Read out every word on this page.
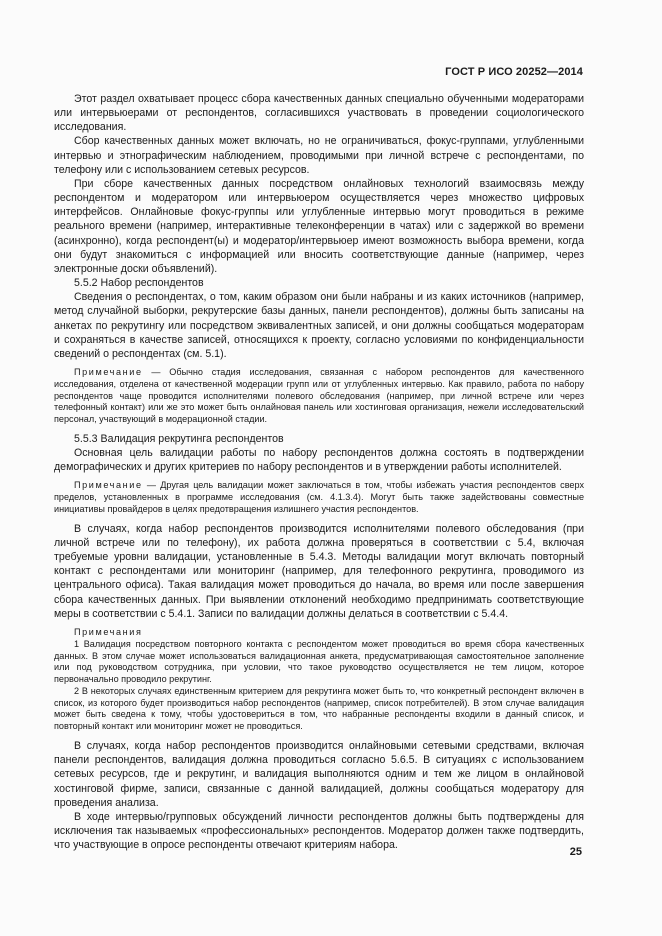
ГОСТ Р ИСО 20252—2014

Этот раздел охватывает процесс сбора качественных данных специально обученными модераторами или интервьюерами от респондентов, согласившихся участвовать в проведении социологического исследования.

Сбор качественных данных может включать, но не ограничиваться, фокус-группами, углубленными интервью и этнографическим наблюдением, проводимыми при личной встрече с респондентами, по телефону или с использованием сетевых ресурсов.

При сборе качественных данных посредством онлайновых технологий взаимосвязь между респондентом и модератором или интервьюером осуществляется через множество цифровых интерфейсов. Онлайновые фокус-группы или углубленные интервью могут проводиться в режиме реального времени (например, интерактивные телеконференции в чатах) или с задержкой во времени (асинхронно), когда респондент(ы) и модератор/интервьюер имеют возможность выбора времени, когда они будут знакомиться с информацией или вносить соответствующие данные (например, через электронные доски объявлений).

5.5.2 Набор респондентов

Сведения о респондентах, о том, каким образом они были набраны и из каких источников (например, метод случайной выборки, рекрутерские базы данных, панели респондентов), должны быть записаны на анкетах по рекрутингу или посредством эквивалентных записей, и они должны сообщаться модераторам и сохраняться в качестве записей, относящихся к проекту, согласно условиями по конфиденциальности сведений о респондентах (см. 5.1).

Примечание — Обычно стадия исследования, связанная с набором респондентов для качественного исследования, отделена от качественной модерации групп или от углубленных интервью. Как правило, работа по набору респондентов чаще проводится исполнителями полевого обследования (например, при личной встрече или через телефонный контакт) или же это может быть онлайновая панель или хостинговая организация, нежели исследовательский персонал, участвующий в модерационной стадии.

5.5.3 Валидация рекрутинга респондентов

Основная цель валидации работы по набору респондентов должна состоять в подтверждении демографических и других критериев по набору респондентов и в утверждении работы исполнителей.

Примечание — Другая цель валидации может заключаться в том, чтобы избежать участия респондентов сверх пределов, установленных в программе исследования (см. 4.1.3.4). Могут быть также задействованы совместные инициативы провайдеров в целях предотвращения излишнего участия респондентов.

В случаях, когда набор респондентов производится исполнителями полевого обследования (при личной встрече или по телефону), их работа должна проверяться в соответствии с 5.4, включая требуемые уровни валидации, установленные в 5.4.3. Методы валидации могут включать повторный контакт с респондентами или мониторинг (например, для телефонного рекрутинга, проводимого из центрального офиса). Такая валидация может проводиться до начала, во время или после завершения сбора качественных данных. При выявлении отклонений необходимо предпринимать соответствующие меры в соответствии с 5.4.1. Записи по валидации должны делаться в соответствии с 5.4.4.

Примечания

1 Валидация посредством повторного контакта с респондентом может проводиться во время сбора качественных данных. В этом случае может использоваться валидационная анкета, предусматривающая самостоятельное заполнение или под руководством сотрудника, при условии, что такое руководство осуществляется не тем лицом, которое первоначально проводило рекрутинг.

2 В некоторых случаях единственным критерием для рекрутинга может быть то, что конкретный респондент включен в список, из которого будет производиться набор респондентов (например, список потребителей). В этом случае валидация может быть сведена к тому, чтобы удостовериться в том, что набранные респонденты входили в данный список, и повторный контакт или мониторинг может не проводиться.

В случаях, когда набор респондентов производится онлайновыми сетевыми средствами, включая панели респондентов, валидация должна проводиться согласно 5.6.5. В ситуациях с использованием сетевых ресурсов, где и рекрутинг, и валидация выполняются одним и тем же лицом в онлайновой хостинговой фирме, записи, связанные с данной валидацией, должны сообщаться модератору для проведения анализа.

В ходе интервью/групповых обсуждений личности респондентов должны быть подтверждены для исключения так называемых «профессиональных» респондентов. Модератор должен также подтвердить, что участвующие в опросе респонденты отвечают критериям набора.

25
